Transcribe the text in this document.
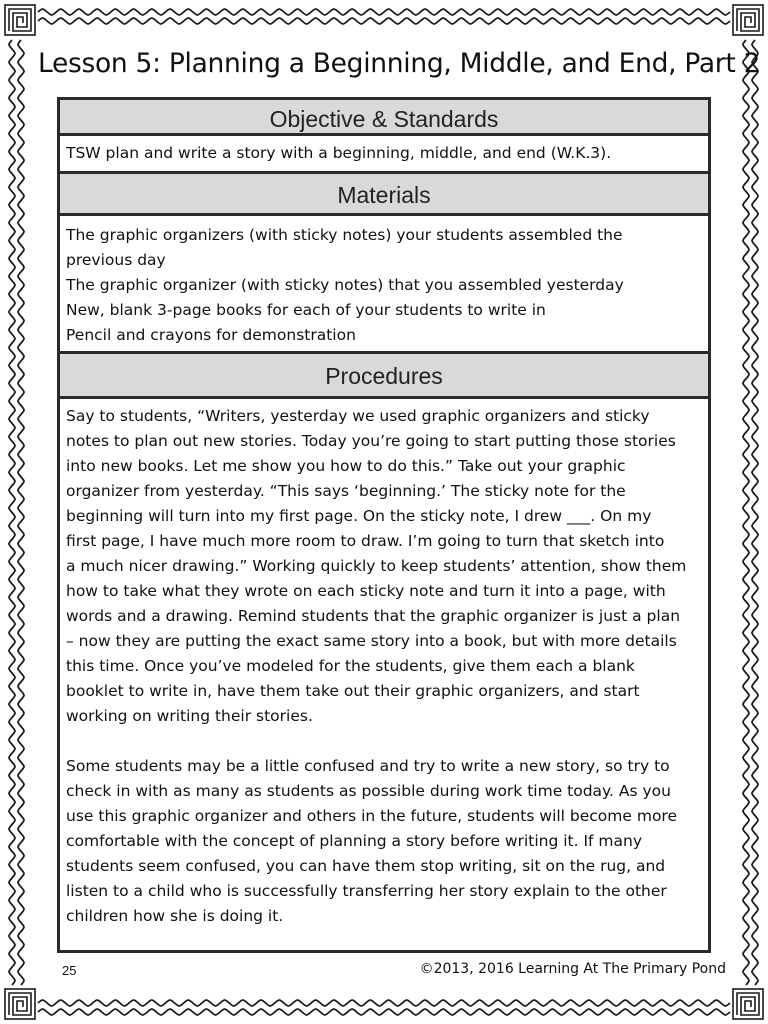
Lesson 5: Planning a Beginning, Middle, and End, Part 2
Objective & Standards
TSW plan and write a story with a beginning, middle, and end (W.K.3).
Materials
The graphic organizers (with sticky notes) your students assembled the
previous day
The graphic organizer (with sticky notes) that you assembled yesterday
New, blank 3-page books for each of your students to write in
Pencil and crayons for demonstration
Procedures
Say to students, “Writers, yesterday we used graphic organizers and sticky
notes to plan out new stories. Today you’re going to start putting those stories
into new books. Let me show you how to do this.” Take out your graphic
organizer from yesterday. “This says ‘beginning.’ The sticky note for the
beginning will turn into my first page. On the sticky note, I drew ___. On my
first page, I have much more room to draw. I’m going to turn that sketch into
a much nicer drawing.” Working quickly to keep students’ attention, show them
how to take what they wrote on each sticky note and turn it into a page, with
words and a drawing. Remind students that the graphic organizer is just a plan
– now they are putting the exact same story into a book, but with more details
this time. Once you’ve modeled for the students, give them each a blank
booklet to write in, have them take out their graphic organizers, and start
working on writing their stories.
Some students may be a little confused and try to write a new story, so try to
check in with as many as students as possible during work time today. As you
use this graphic organizer and others in the future, students will become more
comfortable with the concept of planning a story before writing it. If many
students seem confused, you can have them stop writing, sit on the rug, and
listen to a child who is successfully transferring her story explain to the other
children how she is doing it.
25	©2013, 2016 Learning At The Primary Pond
